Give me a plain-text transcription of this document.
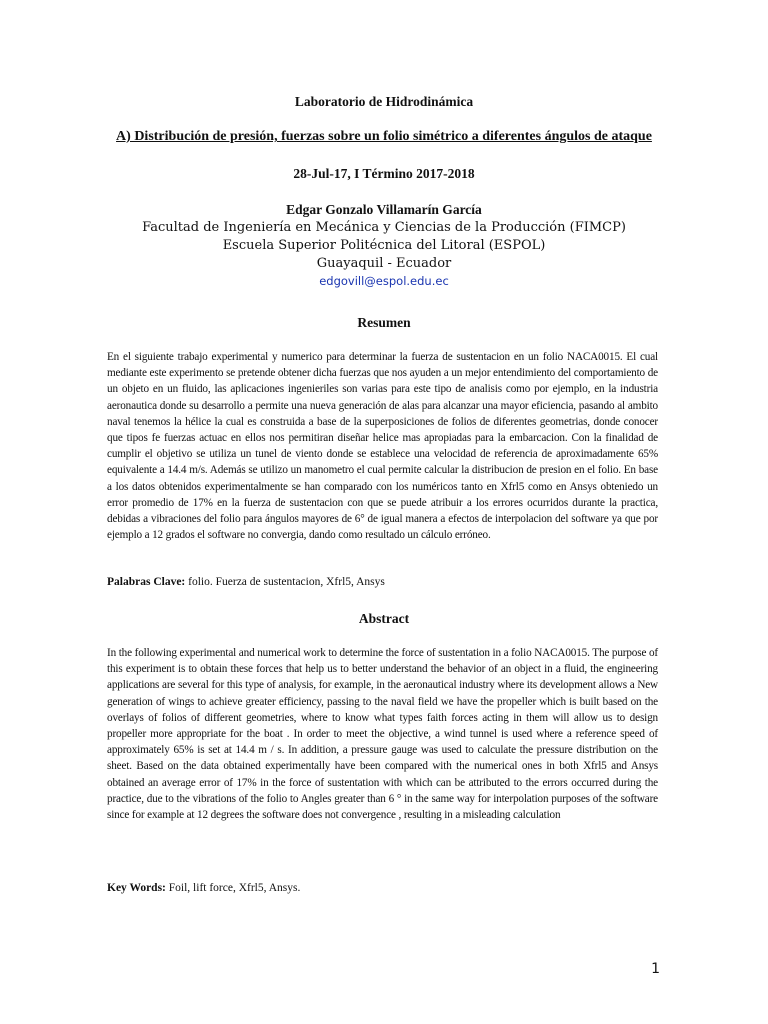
Laboratorio de Hidrodinámica
A) Distribución de presión, fuerzas sobre un folio simétrico a diferentes ángulos de ataque
28-Jul-17, I Término 2017-2018
Edgar Gonzalo Villamarín García
Facultad de Ingeniería en Mecánica y Ciencias de la Producción (FIMCP)
Escuela Superior Politécnica del Litoral (ESPOL)
Guayaquil - Ecuador
edgovill@espol.edu.ec
Resumen
En el siguiente trabajo experimental y numerico para determinar la fuerza de sustentacion en un folio NACA0015. El cual mediante este experimento se pretende obtener dicha fuerzas que nos ayuden a un mejor entendimiento del comportamiento de un objeto en un fluido, las aplicaciones ingenieriles son varias para este tipo de analisis como por ejemplo, en la industria aeronautica donde su desarrollo a permite una nueva generación de alas para alcanzar una mayor eficiencia, pasando al ambito naval tenemos la hélice la cual es construida a base de la superposiciones de folios de diferentes geometrias, donde conocer que tipos fe fuerzas actuac en ellos nos permitiran diseñar helice mas apropiadas para la embarcacion. Con la finalidad de cumplir el objetivo se utiliza un tunel de viento donde se establece una velocidad de referencia de aproximadamente 65% equivalente a 14.4 m/s. Además se utilizo un manometro el cual permite calcular la distribucion de presion en el folio. En base a los datos obtenidos experimentalmente se han comparado con los numéricos tanto en Xfrl5 como en Ansys obteniedo un error promedio de 17% en la fuerza de sustentacion con que se puede atribuir a los errores ocurridos durante la practica, debidas a vibraciones del folio para ángulos mayores de 6° de igual manera a efectos de interpolacion del software ya que por ejemplo a 12 grados el software no convergia, dando como resultado un cálculo erróneo.
Palabras Clave: folio. Fuerza de sustentacion, Xfrl5, Ansys
Abstract
In the following experimental and numerical work to determine the force of sustentation in a folio NACA0015. The purpose of this experiment is to obtain these forces that help us to better understand the behavior of an object in a fluid, the engineering applications are several for this type of analysis, for example, in the aeronautical industry where its development allows a New generation of wings to achieve greater efficiency, passing to the naval field we have the propeller which is built based on the overlays of folios of different geometries, where to know what types faith forces acting in them will allow us to design propeller more appropriate for the boat . In order to meet the objective, a wind tunnel is used where a reference speed of approximately 65% is set at 14.4 m / s. In addition, a pressure gauge was used to calculate the pressure distribution on the sheet. Based on the data obtained experimentally have been compared with the numerical ones in both Xfrl5 and Ansys obtained an average error of 17% in the force of sustentation with which can be attributed to the errors occurred during the practice, due to the vibrations of the folio to Angles greater than 6 ° in the same way for interpolation purposes of the software since for example at 12 degrees the software does not convergence , resulting in a misleading calculation
Key Words: Foil, lift force, Xfrl5, Ansys.
1
